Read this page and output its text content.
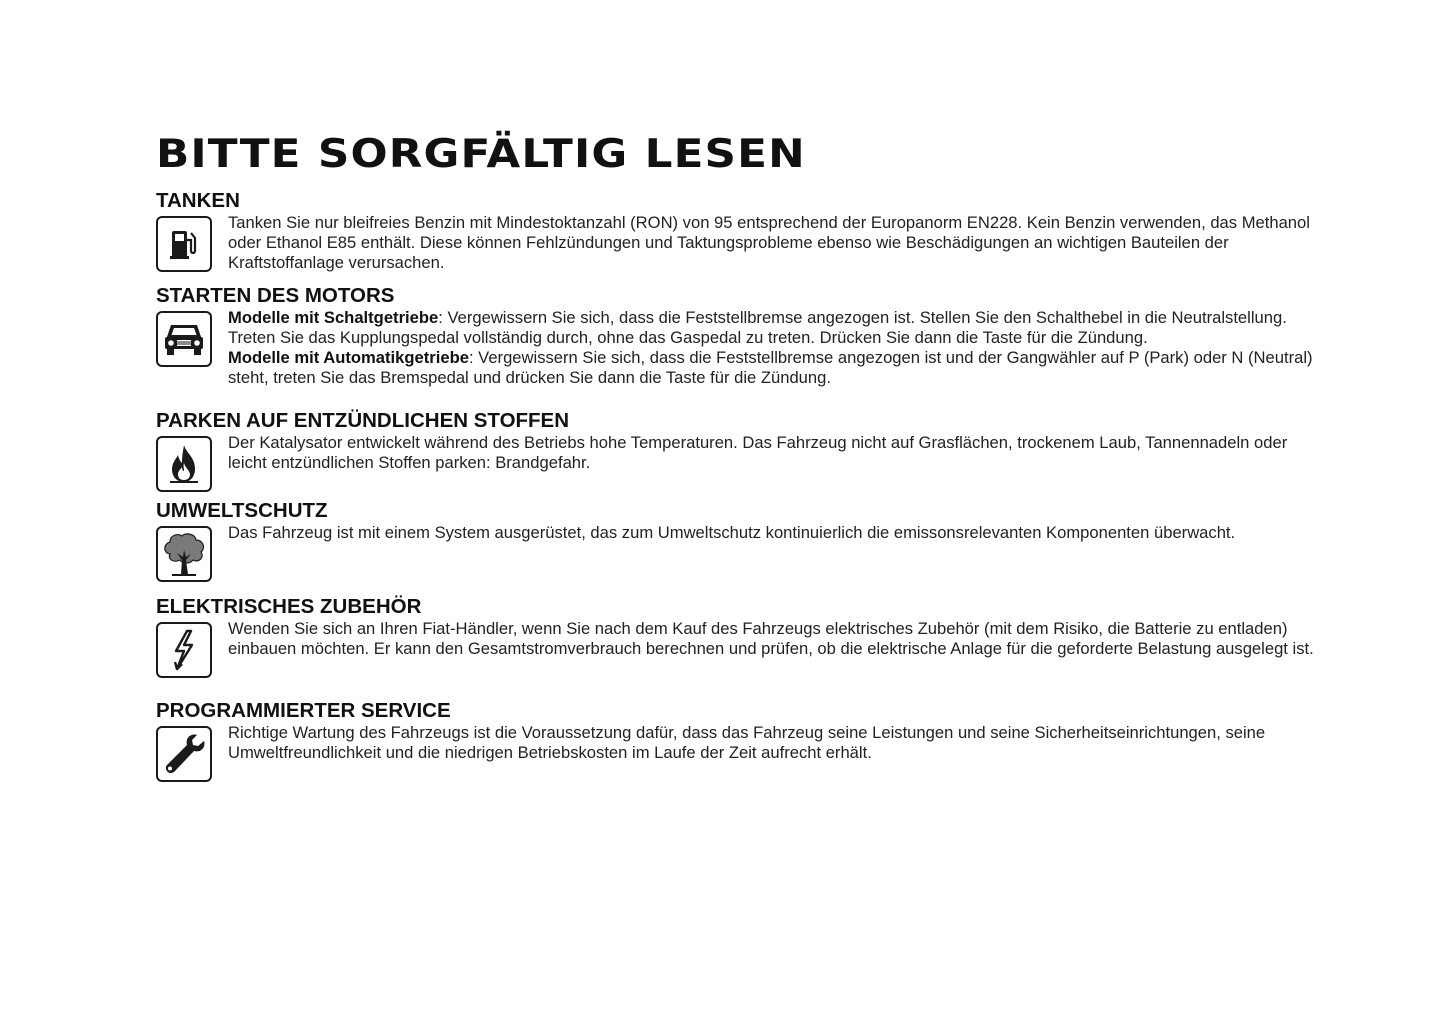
BITTE SORGFÄLTIG LESEN
TANKEN

Tanken Sie nur bleifreies Benzin mit Mindestoktanzahl (RON) von 95 entsprechend der Europanorm EN228. Kein Benzin verwenden, das Methanol oder Ethanol E85 enthält. Diese können Fehlzündungen und Taktungsprobleme ebenso wie Beschädigungen an wichtigen Bauteilen der Kraftstoffanlage verursachen.

STARTEN DES MOTORS

Modelle mit Schaltgetriebe: Vergewissern Sie sich, dass die Feststellbremse angezogen ist. Stellen Sie den Schalthebel in die Neutralstellung. Treten Sie das Kupplungspedal vollständig durch, ohne das Gaspedal zu treten. Drücken Sie dann die Taste für die Zündung.

Modelle mit Automatikgetriebe: Vergewissern Sie sich, dass die Feststellbremse angezogen ist und der Gangwähler auf P (Park) oder N (Neutral) steht, treten Sie das Bremspedal und drücken Sie dann die Taste für die Zündung.

PARKEN AUF ENTZÜNDLICHEN STOFFEN

Der Katalysator entwickelt während des Betriebs hohe Temperaturen. Das Fahrzeug nicht auf Grasflächen, trockenem Laub, Tannennadeln oder leicht entzündlichen Stoffen parken: Brandgefahr.

UMWELTSCHUTZ

Das Fahrzeug ist mit einem System ausgerüstet, das zum Umweltschutz kontinuierlich die emissonsrelevanten Komponenten überwacht.

ELEKTRISCHES ZUBEHÖR

Wenden Sie sich an Ihren Fiat-Händler, wenn Sie nach dem Kauf des Fahrzeugs elektrisches Zubehör (mit dem Risiko, die Batterie zu entladen) einbauen möchten. Er kann den Gesamtstromverbrauch berechnen und prüfen, ob die elektrische Anlage für die geforderte Belastung ausgelegt ist.

PROGRAMMIERTER SERVICE

Richtige Wartung des Fahrzeugs ist die Voraussetzung dafür, dass das Fahrzeug seine Leistungen und seine Sicherheitseinrichtungen, seine Umweltfreundlichkeit und die niedrigen Betriebskosten im Laufe der Zeit aufrecht erhält.
